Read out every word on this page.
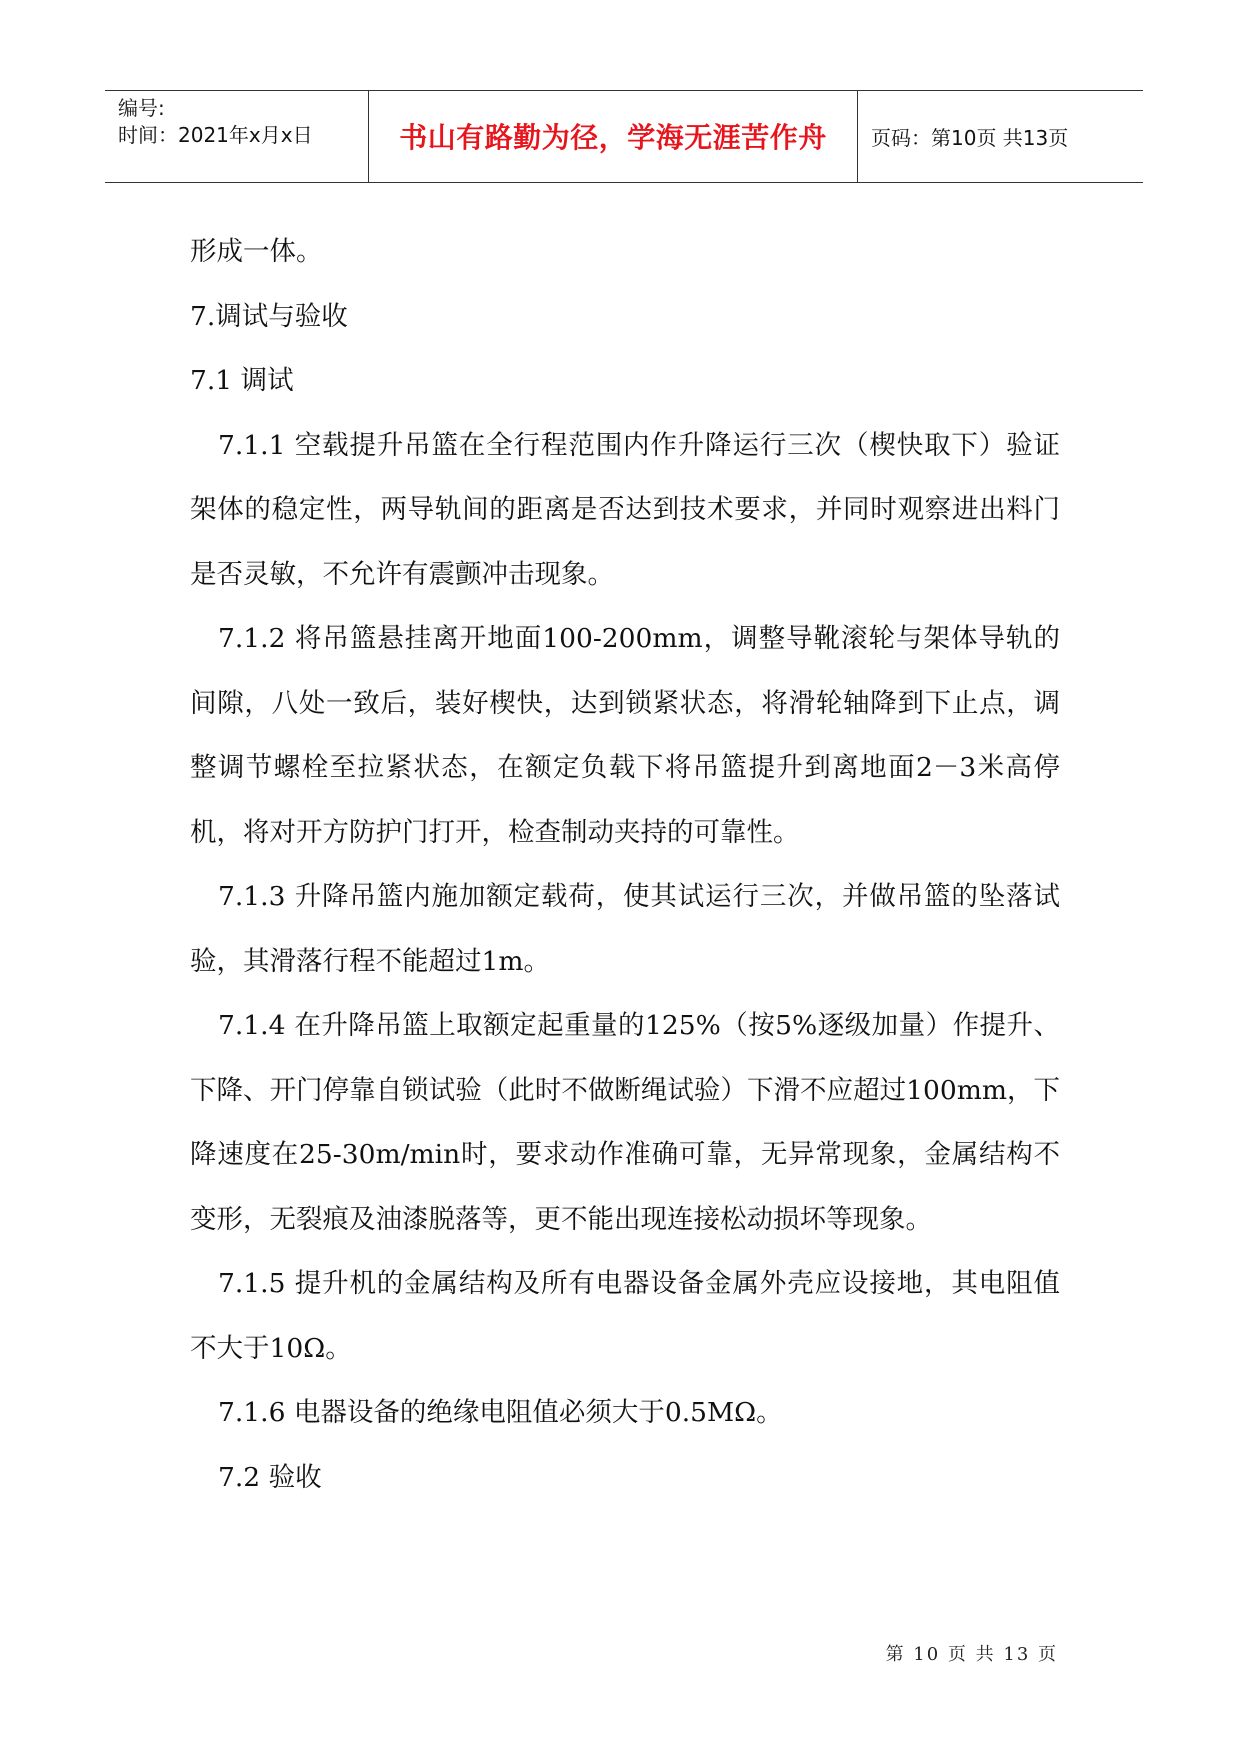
编号:
时间：2021年x月x日	书山有路勤为径，学海无涯苦作舟	页码：第10页 共13页

形成一体。

7.调试与验收

7.1 调试

7.1.1 空载提升吊篮在全行程范围内作升降运行三次（楔快取下）验证架体的稳定性，两导轨间的距离是否达到技术要求，并同时观察进出料门是否灵敏，不允许有震颤冲击现象。

7.1.2 将吊篮悬挂离开地面100-200mm，调整导靴滚轮与架体导轨的间隙，八处一致后，装好楔快，达到锁紧状态，将滑轮轴降到下止点，调整调节螺栓至拉紧状态，在额定负载下将吊篮提升到离地面2－3米高停机，将对开方防护门打开，检查制动夹持的可靠性。

7.1.3 升降吊篮内施加额定载荷，使其试运行三次，并做吊篮的坠落试验，其滑落行程不能超过1m。

7.1.4 在升降吊篮上取额定起重量的125%（按5%逐级加量）作提升、下降、开门停靠自锁试验（此时不做断绳试验）下滑不应超过100mm，下降速度在25-30m/min时，要求动作准确可靠，无异常现象，金属结构不变形，无裂痕及油漆脱落等，更不能出现连接松动损坏等现象。

7.1.5 提升机的金属结构及所有电器设备金属外壳应设接地，其电阻值不大于10Ω。

7.1.6 电器设备的绝缘电阻值必须大于0.5MΩ。

7.2 验收

第 10 页 共 13 页
